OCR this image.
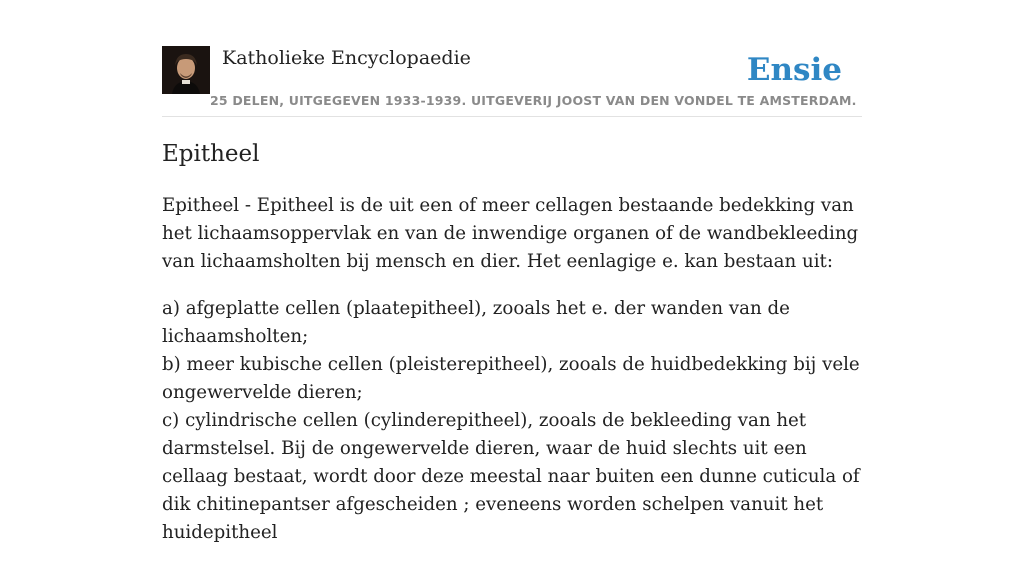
Katholieke Encyclopaedie
25 DELEN, UITGEGEVEN 1933-1939. UITGEVERIJ JOOST VAN DEN VONDEL TE AMSTERDAM.
Ensie
Epitheel

Epitheel - Epitheel is de uit een of meer cellagen bestaande bedekking van het lichaamsoppervlak en van de inwendige organen of de wandbekleeding van lichaamsholten bij mensch en dier. Het eenlagige e. kan bestaan uit:

a) afgeplatte cellen (plaatepitheel), zooals het e. der wanden van de lichaamsholten;
b) meer kubische cellen (pleisterepitheel), zooals de huidbedekking bij vele ongewervelde dieren;
c) cylindrische cellen (cylinderepitheel), zooals de bekleeding van het darmstelsel. Bij de ongewervelde dieren, waar de huid slechts uit een cellaag bestaat, wordt door deze meestal naar buiten een dunne cuticula of dik chitinepantser afgescheiden ; eveneens worden schelpen vanuit het huidepitheel
